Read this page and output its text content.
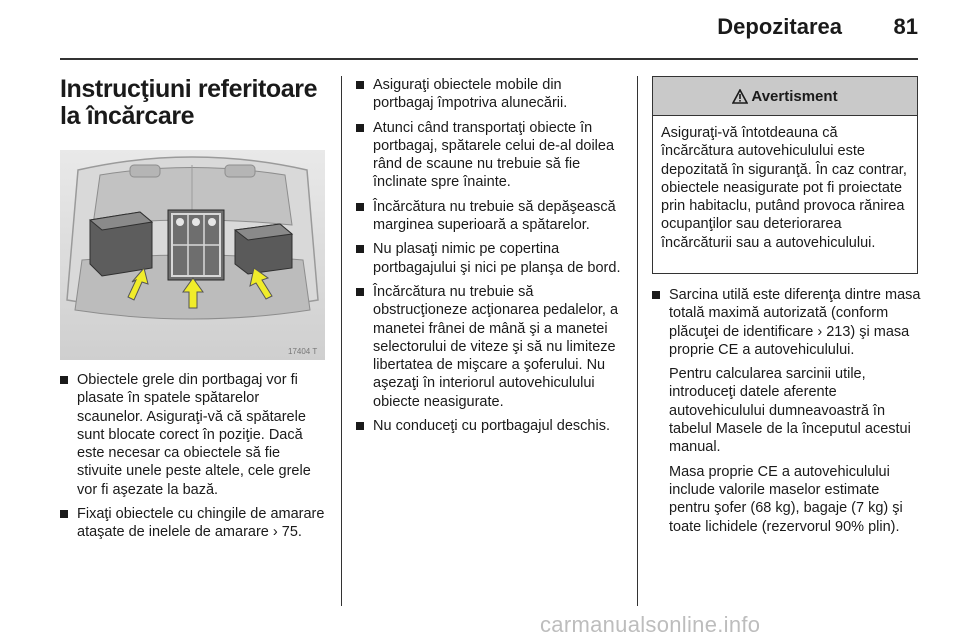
Depozitarea 81
Instrucţiuni referitoare
la încărcare
17404 T
Obiectele grele din portbagaj vor fi plasate în spatele spătarelor scaunelor. Asiguraţi-vă că spătarele sunt blocate corect în poziţie. Dacă este necesar ca obiectele să fie stivuite unele peste altele, cele grele vor fi aşezate la bază.
Fixaţi obiectele cu chingile de amarare ataşate de inelele de amarare › 75.
Asiguraţi obiectele mobile din portbagaj împotriva alunecării.
Atunci când transportaţi obiecte în portbagaj, spătarele celui de-al doilea rând de scaune nu trebuie să fie înclinate spre înainte.
Încărcătura nu trebuie să depăşească marginea superioară a spătarelor.
Nu plasaţi nimic pe copertina portbagajului şi nici pe planşa de bord.
Încărcătura nu trebuie să obstrucţioneze acţionarea pedalelor, a manetei frânei de mână şi a manetei selectorului de viteze şi să nu limiteze libertatea de mişcare a şoferului. Nu aşezaţi în interiorul autovehiculului obiecte neasigurate.
Nu conduceţi cu portbagajul deschis.
Avertisment
Asiguraţi-vă întotdeauna că încărcătura autovehiculului este depozitată în siguranţă. În caz contrar, obiectele neasigurate pot fi proiectate prin habitaclu, putând provoca rănirea ocupanţilor sau deteriorarea încărcăturii sau a autovehiculului.
Sarcina utilă este diferenţa dintre masa totală maximă autorizată (conform plăcuţei de identificare › 213) şi masa proprie CE a autovehiculului.
Pentru calcularea sarcinii utile, introduceţi datele aferente autovehiculului dumneavoastră în tabelul Masele de la începutul acestui manual.
Masa proprie CE a autovehiculului include valorile maselor estimate pentru şofer (68 kg), bagaje (7 kg) şi toate lichidele (rezervorul 90% plin).
carmanualsonline.info
